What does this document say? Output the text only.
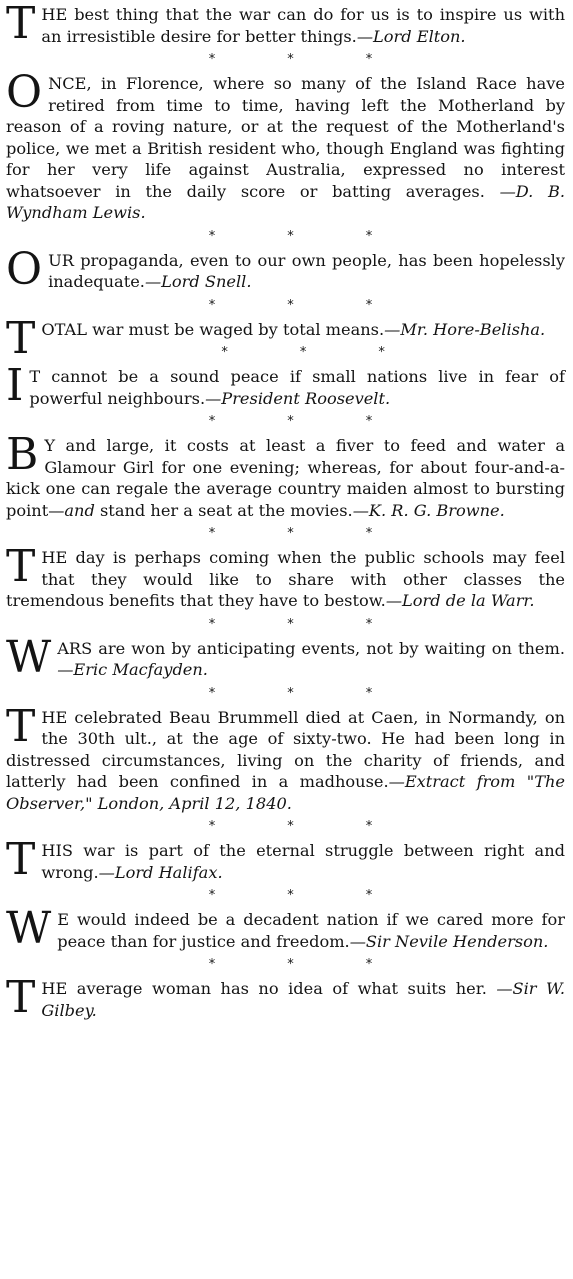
THE best thing that the war can do for us is to inspire us with an irresistible desire for better things.—Lord Elton.

*	*	*

ONCE, in Florence, where so many of the Island Race have retired from time to time, having left the Motherland by reason of a roving nature, or at the request of the Motherland's police, we met a British resident who, though England was fighting for her very life against Australia, expressed no interest whatsoever in the daily score or batting averages. —D. B. Wyndham Lewis.

*	*	*

OUR propaganda, even to our own people, has been hopelessly inadequate.—Lord Snell.

*	*	*

TOTAL war must be waged by total means.—Mr. Hore-Belisha.

*	*	*

I T cannot be a sound peace if small nations live in fear of powerful neighbours.—President Roosevelt.

*	*	*

B Y and large, it costs at least a fiver to feed and water a Glamour Girl for one evening; whereas, for about four-and-a-kick one can regale the average country maiden almost to bursting point—and stand her a seat at the movies.—K. R. G. Browne.

*	*	*

THE day is perhaps coming when the public schools may feel that they would like to share with other classes the tremendous benefits that they have to bestow.—Lord de la Warr.

*	*	*

WARS are won by anticipating events, not by waiting on them.—Eric Macfayden.

*	*	*

THE celebrated Beau Brummell died at Caen, in Normandy, on the 30th ult., at the age of sixty-two. He had been long in distressed circumstances, living on the charity of friends, and latterly had been confined in a madhouse.—Extract from "The Observer," London, April 12, 1840.

*	*	*

THIS war is part of the eternal struggle between right and wrong.—Lord Halifax.

*	*	*

W E would indeed be a decadent nation if we cared more for peace than for justice and freedom.—Sir Nevile Henderson.

*	*	*

THE average woman has no idea of what suits her. —Sir W. Gilbey.
